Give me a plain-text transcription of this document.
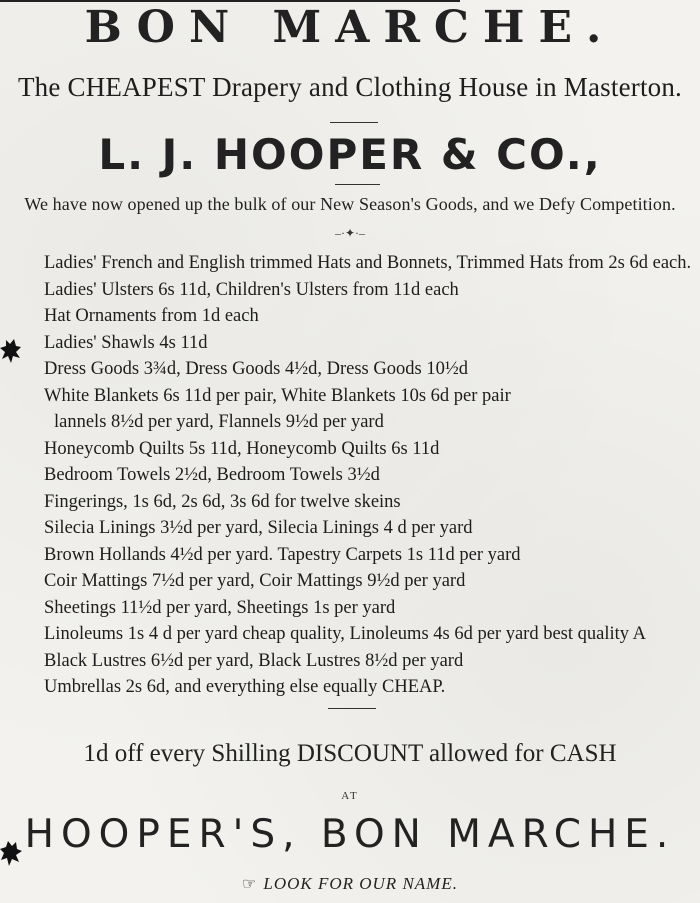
BON MARCHE.
The CHEAPEST Drapery and Clothing House in Masterton.
L. J. HOOPER & CO.,
We have now opened up the bulk of our New Season's Goods, and we Defy Competition.
–·✦·–
Ladies' French and English trimmed Hats and Bonnets, Trimmed Hats from 2s 6d each.
Ladies' Ulsters 6s 11d, Children's Ulsters from 11d each
Hat Ornaments from 1d each
Ladies' Shawls 4s 11d
Dress Goods 3¾d, Dress Goods 4½d, Dress Goods 10½d
White Blankets 6s 11d per pair, White Blankets 10s 6d per pair
lannels 8½d per yard, Flannels 9½d per yard
Honeycomb Quilts 5s 11d, Honeycomb Quilts 6s 11d
Bedroom Towels 2½d, Bedroom Towels 3½d
Fingerings, 1s 6d, 2s 6d, 3s 6d for twelve skeins
Silecia Linings 3½d per yard, Silecia Linings 4 d per yard
Brown Hollands 4½d per yard. Tapestry Carpets 1s 11d per yard
Coir Mattings 7½d per yard, Coir Mattings 9½d per yard
Sheetings 11½d per yard, Sheetings 1s per yard
Linoleums 1s 4 d per yard cheap quality, Linoleums 4s 6d per yard best quality A
Black Lustres 6½d per yard, Black Lustres 8½d per yard
Umbrellas 2s 6d, and everything else equally CHEAP.
1d off every Shilling DISCOUNT allowed for CASH
AT
HOOPER'S, BON MARCHE.
☞ LOOK FOR OUR NAME.
